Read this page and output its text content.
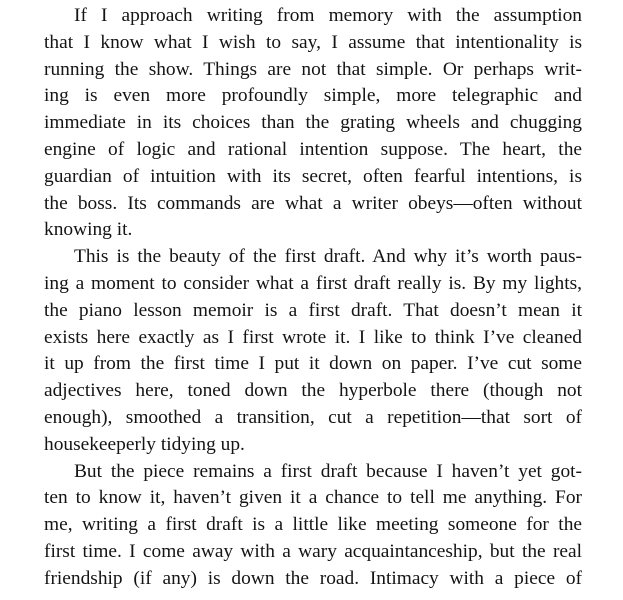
If I approach writing from memory with the assumption
that I know what I wish to say, I assume that intentionality is
running the show. Things are not that simple. Or perhaps writ-
ing is even more profoundly simple, more telegraphic and
immediate in its choices than the grating wheels and chugging
engine of logic and rational intention suppose. The heart, the
guardian of intuition with its secret, often fearful intentions, is
the boss. Its commands are what a writer obeys—often without
knowing it.
This is the beauty of the first draft. And why it’s worth paus-
ing a moment to consider what a first draft really is. By my lights,
the piano lesson memoir is a first draft. That doesn’t mean it
exists here exactly as I first wrote it. I like to think I’ve cleaned
it up from the first time I put it down on paper. I’ve cut some
adjectives here, toned down the hyperbole there (though not
enough), smoothed a transition, cut a repetition—that sort of
housekeeperly tidying up.
But the piece remains a first draft because I haven’t yet got-
ten to know it, haven’t given it a chance to tell me anything. For
me, writing a first draft is a little like meeting someone for the
first time. I come away with a wary acquaintanceship, but the real
friendship (if any) is down the road. Intimacy with a piece of
